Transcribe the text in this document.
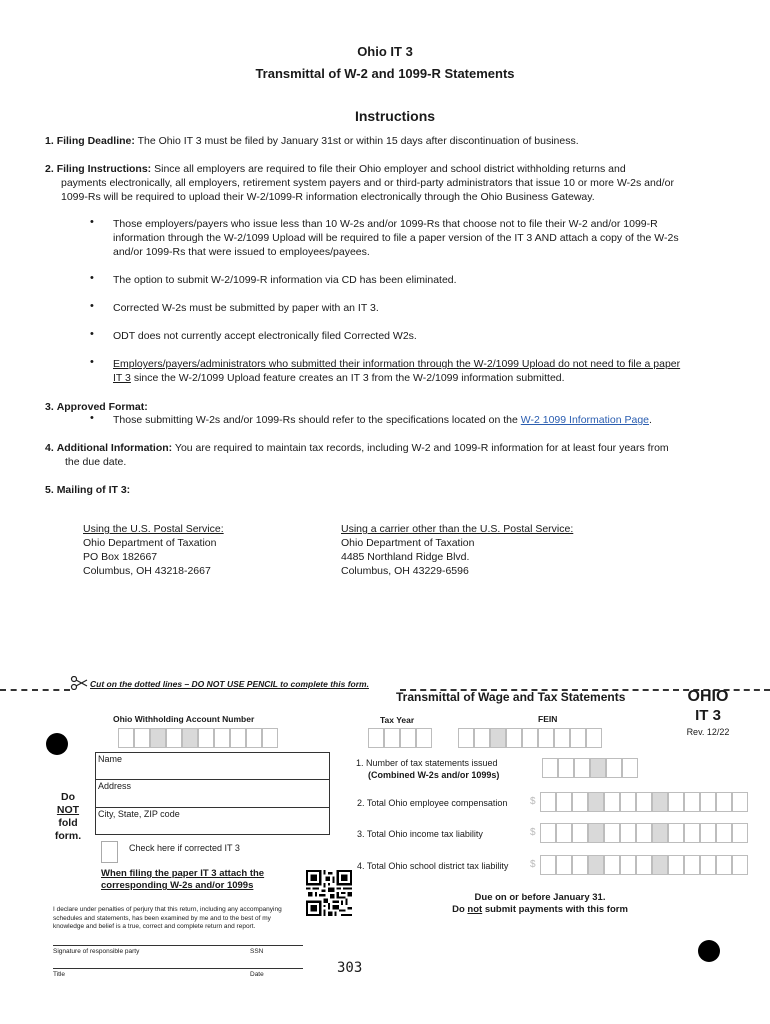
Ohio IT 3
Transmittal of W-2 and 1099-R Statements
Instructions
1. Filing Deadline: The Ohio IT 3 must be filed by January 31st or within 15 days after discontinuation of business.
2. Filing Instructions: Since all employers are required to file their Ohio employer and school district withholding returns and
payments electronically, all employers, retirement system payers and or third-party administrators that issue 10 or more W-2s and/or
1099-Rs will be required to upload their W-2/1099-R information electronically through the Ohio Business Gateway.
• Those employers/payers who issue less than 10 W-2s and/or 1099-Rs that choose not to file their W-2 and/or 1099-R
information through the W-2/1099 Upload will be required to file a paper version of the IT 3 AND attach a copy of the W-2s
and/or 1099-Rs that were issued to employees/payees.
• The option to submit W-2/1099-R information via CD has been eliminated.
• Corrected W-2s must be submitted by paper with an IT 3.
• ODT does not currently accept electronically filed Corrected W2s.
• Employers/payers/administrators who submitted their information through the W-2/1099 Upload do not need to file a paper
IT 3 since the W-2/1099 Upload feature creates an IT 3 from the W-2/1099 information submitted.
3. Approved Format:
• Those submitting W-2s and/or 1099-Rs should refer to the specifications located on the W-2 1099 Information Page.
4. Additional Information: You are required to maintain tax records, including W-2 and 1099-R information for at least four years from
the due date.
5. Mailing of IT 3:
Using the U.S. Postal Service:
Ohio Department of Taxation
PO Box 182667
Columbus, OH 43218-2667
Using a carrier other than the U.S. Postal Service:
Ohio Department of Taxation
4485 Northland Ridge Blvd.
Columbus, OH 43229-6596
Cut on the dotted lines – DO NOT USE PENCIL to complete this form.
Transmittal of Wage and Tax Statements	OHIO
IT 3
Rev. 12/22
Ohio Withholding Account Number	Tax Year	FEIN
Name
Address
City, State, ZIP code
Do
NOT
fold
form.
Check here if corrected IT 3
When filing the paper IT 3 attach the
corresponding W-2s and/or 1099s
I declare under penalties of perjury that this return, including any accompanying
schedules and statements, has been examined by me and to the best of my
knowledge and belief is a true, correct and complete return and report.
1. Number of tax statements issued
(Combined W-2s and/or 1099s)
2. Total Ohio employee compensation $
3. Total Ohio income tax liability	$
4. Total Ohio school district tax liability $
Due on or before January 31.
Do not submit payments with this form
Signature of responsible party	SSN
Title	Date	303
